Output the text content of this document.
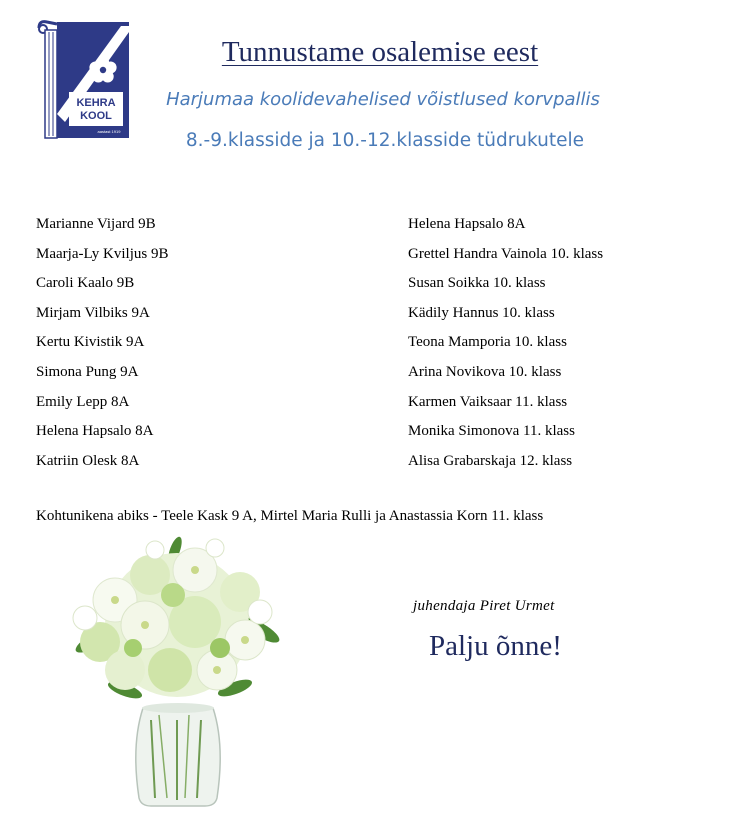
KEHRA
KOOL
aastast 1919
Tunnustame osalemise eest
Harjumaa koolidevahelised võistlused korvpallis
8.-9.klasside ja 10.-12.klasside tüdrukutele
Marianne Vijard 9B
Maarja-Ly Kviljus 9B
Caroli Kaalo 9B
Mirjam Vilbiks 9A
Kertu Kivistik 9A
Simona Pung 9A
Emily Lepp 8A
Helena Hapsalo 8A
Katriin Olesk 8A
Helena Hapsalo 8A
Grettel Handra Vainola 10. klass
Susan Soikka 10. klass
Kädily Hannus 10. klass
Teona Mamporia 10. klass
Arina Novikova 10. klass
Karmen Vaiksaar 11. klass
Monika Simonova 11. klass
Alisa Grabarskaja 12. klass
Kohtunikena abiks - Teele Kask 9 A, Mirtel Maria Rulli ja Anastassia Korn 11. klass
juhendaja Piret Urmet
Palju õnne!
